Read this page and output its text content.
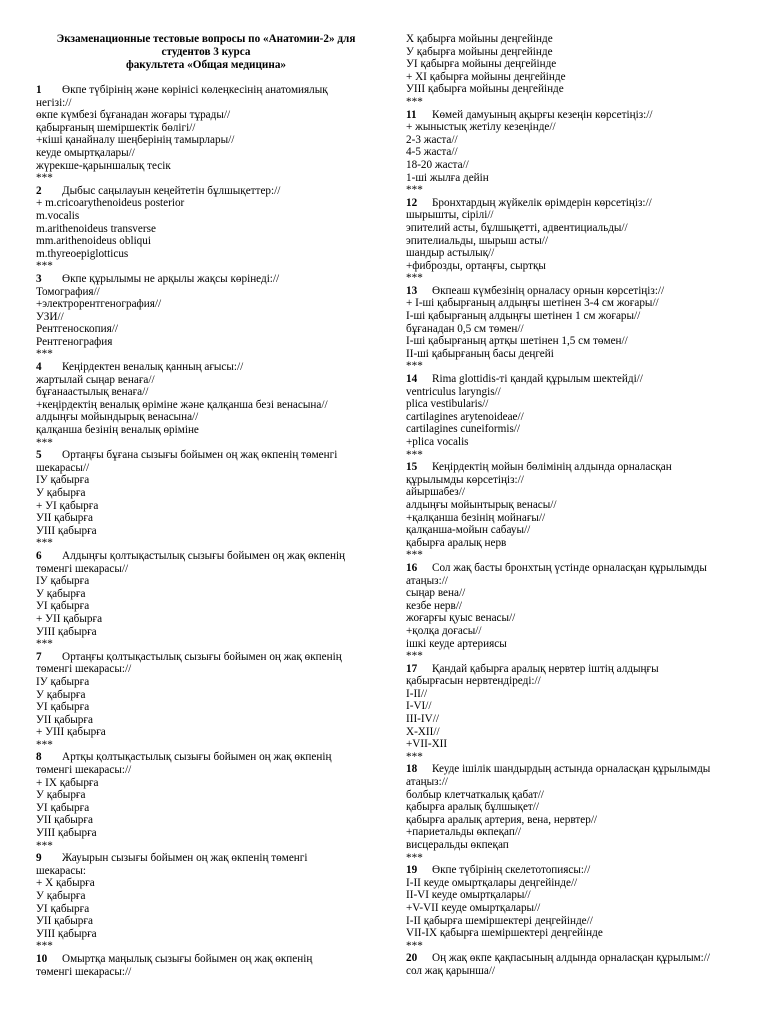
Экзаменационные тестовые вопросы по «Анатомии-2» для
студентов 3 курса
факультета «Общая медицина»
1 Өкпе түбірінің және көрінісі көлеңкесінің анатомиялық
негізі://
өкпе күмбезі бұғанадан жоғары тұрады//
қабырғаның шеміршектік бөлігі//
+кіші қанайналу шеңберінің тамырлары//
кеуде омыртқалары//
жүрекше-қарыншалық тесік
***
2 Дыбыс саңылауын кеңейтетін бұлшықеттер://
+ m.cricoarythenoideus posterior
m.vocalis
m.arithenoideus transverse
mm.arithenoideus obliqui
m.thyreoepiglotticus
***
3 Өкпе құрылымы не арқылы жақсы көрінеді://
Томография//
+электрорентгенография//
УЗИ//
Рентгеноскопия//
Рентгенография
***
4 Кеңірдектен веналық қанның ағысы://
жартылай сыңар венаға//
бұғанаастылық венаға//
+кеңірдектің веналық өріміне және қалқанша безі венасына//
алдыңғы мойындырық венасына//
қалқанша безінің веналық өріміне
***
5 Ортаңғы бұғана сызығы бойымен оң жақ өкпенің төменгі
шекарасы//
IУ қабырға
У қабырға
+ УI қабырға
УII қабырға
УIII қабырға
***
6 Алдыңғы қолтықастылық сызығы бойымен оң жақ өкпенің
төменгі шекарасы//
IУ қабырға
У қабырға
УI қабырға
+ УII қабырға
УIII қабырға
***
7 Ортаңғы қолтықастылық сызығы бойымен оң жақ өкпенің
төменгі шекарасы://
IУ қабырға
У қабырға
УI қабырға
УII қабырға
+ УIII қабырға
***
8 Артқы қолтықастылық сызығы бойымен оң жақ өкпенің
төменгі шекарасы://
+ IХ қабырға
У қабырға
УI қабырға
УII қабырға
УIII қабырға
***
9 Жауырын сызығы бойымен оң жақ өкпенің төменгі
шекарасы:
+ Х қабырға
У қабырға
УI қабырға
УII қабырға
УIII қабырға
***
10 Омыртқа маңылық сызығы бойымен оң жақ өкпенің
төменгі шекарасы://
Х қабырға мойыны деңгейінде
У қабырға мойыны деңгейінде
УI қабырға мойыны деңгейінде
+ ХI қабырға мойыны деңгейінде
УIII қабырға мойыны деңгейінде
***
11 Көмей дамуының ақырғы кезеңін көрсетіңіз://
+ жыныстық жетілу кезеңінде//
2-3 жаста//
4-5 жаста//
18-20 жаста//
1-ші жылға дейін
***
12 Бронхтардың жүйкелік өрімдерін көрсетіңіз://
шырышты, сірілі//
эпителий асты, бұлшықетті, адвентициальды//
эпителиальды, шырыш асты//
шандыр астылық//
+фиброзды, ортаңғы, сыртқы
***
13 Өкпеаш күмбезінің орналасу орнын көрсетіңіз://
+ I-ші қабырғаның алдыңғы шетінен 3-4 см жоғары//
I-ші қабырғаның алдыңғы шетінен 1 см жоғары//
бұғанадан 0,5 см төмен//
I-ші қабырғаның артқы шетінен 1,5 см төмен//
II-ші қабырғаның басы деңгейі
***
14 Rima glottidis-ті қандай құрылым шектейді//
ventriculus laryngis//
plica vestibularis//
cartilagines arytenoideae//
cartilagines cuneiformis//
+plica vocalis
***
15 Кеңірдектің мойын бөлімінің алдында орналасқан
құрылымды көрсетіңіз://
айыршабез//
алдыңғы мойынтырық венасы//
+қалқанша безінің мойнағы//
қалқанша-мойын сабауы//
қабырға аралық нерв
***
16 Сол жақ басты бронхтың үстінде орналасқан құрылымды
атаңыз://
сыңар вена//
кезбе нерв//
жоғарғы қуыс венасы//
+қолқа доғасы//
ішкі кеуде артериясы
***
17 Қандай қабырға аралық нервтер іштің алдыңғы
қабырғасын нервтендіреді://
I-II//
I-VI//
III-IV//
X-XII//
+VII-XII
***
18 Кеуде ішілік шандырдың астында орналасқан құрылымды
атаңыз://
болбыр клетчаткалық қабат//
қабырға аралық бұлшықет//
қабырға аралық артерия, вена, нервтер//
+париетальды өкпеқап//
висцеральды өкпеқап
***
19 Өкпе түбірінің скелетотопиясы://
I-II кеуде омыртқалары деңгейінде//
II-VI кеуде омыртқалары//
+V-VII кеуде омыртқалары//
I-II қабырға шеміршектері деңгейінде//
VII-IX қабырға шеміршектері деңгейінде
***
20 Оң жақ өкпе қақпасының алдында орналасқан құрылым://
сол жақ қарынша//
